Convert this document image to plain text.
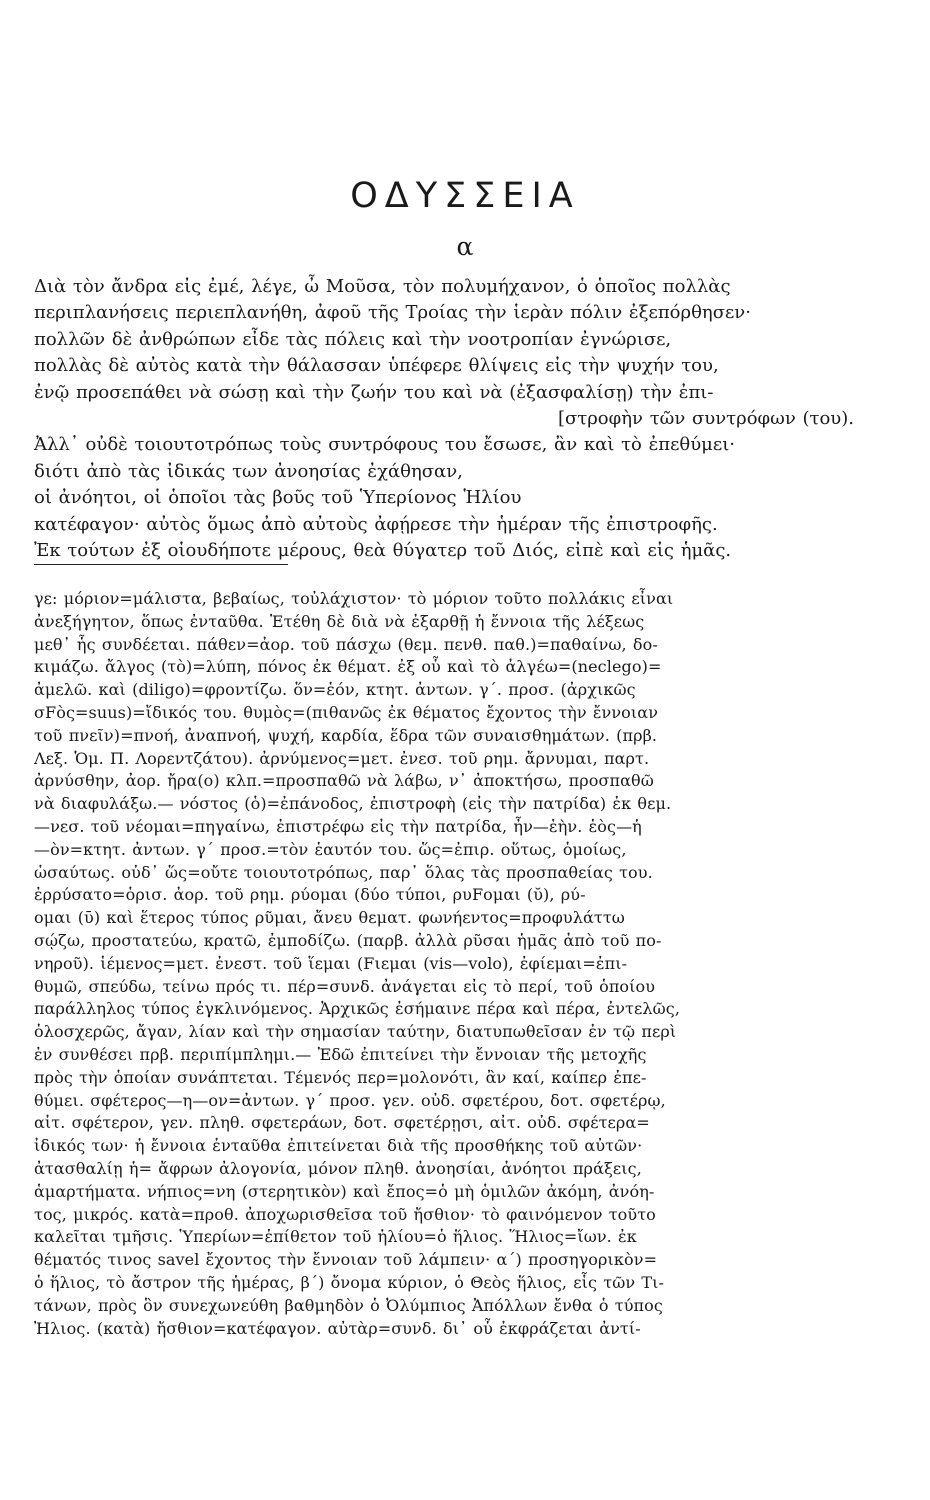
ΟΔΥΣΣΕΙΑ
α
Διὰ τὸν ἄνδρα εἰς ἐμέ, λέγε, ὦ Μοῦσα, τὸν πολυμήχανον, ὁ ὁποῖος πολλὰς
περιπλανήσεις περιεπλανήθη, ἀφοῦ τῆς Τροίας τὴν ἱερὰν πόλιν ἐξεπόρθησεν·
πολλῶν δὲ ἀνθρώπων εἶδε τὰς πόλεις καὶ τὴν νοοτροπίαν ἐγνώρισε,
πολλὰς δὲ αὐτὸς κατὰ τὴν θάλασσαν ὑπέφερε θλίψεις εἰς τὴν ψυχήν του,
ἐνῷ προσεπάθει νὰ σώσῃ καὶ τὴν ζωήν του καὶ νὰ (ἐξασφαλίσῃ) τὴν ἐπι-
[στροφὴν τῶν συντρόφων (του).
Ἀλλ᾽ οὐδὲ τοιουτοτρόπως τοὺς συντρόφους του ἔσωσε, ἂν καὶ τὸ ἐπεθύμει·
διότι ἀπὸ τὰς ἰδικάς των ἀνοησίας ἐχάθησαν,
οἱ ἀνόητοι, οἱ ὁποῖοι τὰς βοῦς τοῦ Ὑπερίονος Ἡλίου
κατέφαγον· αὐτὸς ὅμως ἀπὸ αὐτοὺς ἀφῄρεσε τὴν ἡμέραν τῆς ἐπιστροφῆς.
Ἐκ τούτων ἐξ οἱουδήποτε μέρους, θεὰ θύγατερ τοῦ Διός, εἰπὲ καὶ εἰς ἡμᾶς.
γε: μόριον=μάλιστα, βεβαίως, τοὐλάχιστον· τὸ μόριον τοῦτο πολλάκις εἶναι
ἀνεξήγητον, ὅπως ἐνταῦθα. Ἐτέθη δὲ διὰ νὰ ἐξαρθῇ ἡ ἔννοια τῆς λέξεως
μεθ᾽ ἧς συνδέεται. πάθεν=ἀορ. τοῦ πάσχω (θεμ. πενθ. παθ.)=παθαίνω, δο-
κιμάζω. ἄλγος (τὸ)=λύπη, πόνος ἐκ θέματ. ἐξ οὗ καὶ τὸ ἀλγέω=(neclego)=
ἀμελῶ. καὶ (diligo)=φροντίζω. ὅν=ἑόν, κτητ. ἀντων. γ΄. προσ. (ἀρχικῶς
σFὸς=suus)=ἴδικός του. θυμὸς=(πιθανῶς ἐκ θέματος ἔχοντος τὴν ἔννοιαν
τοῦ πνεῖν)=πνοή, ἀναπνοή, ψυχή, καρδία, ἕδρα τῶν συναισθημάτων. (πρβ.
Λεξ. Ὁμ. Π. Λορεντζάτου). ἀρνύμενος=μετ. ἐνεσ. τοῦ ρημ. ἄρνυμαι, παρτ.
ἀρνύσθην, ἀορ. ἤρα(ο) κλπ.=προσπαθῶ νὰ λάβω, ν᾽ ἀποκτήσω, προσπαθῶ
νὰ διαφυλάξω.— νόστος (ὁ)=ἐπάνοδος, ἐπιστροφὴ (εἰς τὴν πατρίδα) ἐκ θεμ.
—νεσ. τοῦ νέομαι=πηγαίνω, ἐπιστρέφω εἰς τὴν πατρίδα, ἦν—ἑὴν. ἑὸς—ἡ
—ὸν=κτητ. ἀντων. γ΄ προσ.=τὸν ἑαυτόν του. ὥς=ἐπιρ. οὕτως, ὁμοίως,
ὡσαύτως. οὐδ᾽ ὥς=οὔτε τοιουτοτρόπως, παρ᾽ ὅλας τὰς προσπαθείας του.
ἐρρύσατο=ὁρισ. ἀορ. τοῦ ρημ. ρύομαι (δύο τύποι, ρυFομαι (ῠ), ρύ-
ομαι (ῡ) καὶ ἕτερος τύπος ρῦμαι, ἄνευ θεματ. φωνήεντος=προφυλάττω
σῴζω, προστατεύω, κρατῶ, ἐμποδίζω. (παρβ. ἀλλὰ ρῦσαι ἡμᾶς ἀπὸ τοῦ πο-
νηροῦ). ἱέμενος=μετ. ἐνεστ. τοῦ ἵεμαι (Fιεμαι (vis—volo), ἐφίεμαι=ἐπι-
θυμῶ, σπεύδω, τείνω πρός τι. πέρ=συνδ. ἀνάγεται εἰς τὸ περί, τοῦ ὁποίου
παράλληλος τύπος ἐγκλινόμενος. Ἀρχικῶς ἐσήμαινε πέρα καὶ πέρα, ἐντελῶς,
ὁλοσχερῶς, ἄγαν, λίαν καὶ τὴν σημασίαν ταύτην, διατυπωθεῖσαν ἐν τῷ περὶ
ἐν συνθέσει πρβ. περιπίμπλημι.— Ἐδῶ ἐπιτείνει τὴν ἔννοιαν τῆς μετοχῆς
πρὸς τὴν ὁποίαν συνάπτεται. Τέμενός περ=μολονότι, ἂν καί, καίπερ ἐπε-
θύμει. σφέτερος—η—ον=ἀντων. γ΄ προσ. γεν. οὐδ. σφετέρου, δοτ. σφετέρῳ,
αἰτ. σφέτερον, γεν. πληθ. σφετεράων, δοτ. σφετέρῃσι, αἰτ. οὐδ. σφέτερα=
ἰδικός των· ἡ ἔννοια ἐνταῦθα ἐπιτείνεται διὰ τῆς προσθήκης τοῦ αὐτῶν·
ἀτασθαλίῃ ἡ= ἄφρων ἀλογονία, μόνον πληθ. ἀνοησίαι, ἀνόητοι πράξεις,
ἁμαρτήματα. νήπιος=νη (στερητικὸν) καὶ ἔπος=ὁ μὴ ὁμιλῶν ἀκόμη, ἀνόη-
τος, μικρός. κατὰ=προθ. ἀποχωρισθεῖσα τοῦ ἤσθιον· τὸ φαινόμενον τοῦτο
καλεῖται τμῆσις. Ὑπερίων=ἐπίθετον τοῦ ἡλίου=ὁ ἥλιος. Ἥλιος=ἴων. ἐκ
θέματός τινος savel ἔχοντος τὴν ἔννοιαν τοῦ λάμπειν· α΄) προσηγορικὸν=
ὁ ἥλιος, τὸ ἄστρον τῆς ἡμέρας, β΄) ὄνομα κύριον, ὁ Θεὸς ἥλιος, εἷς τῶν Τι-
τάνων, πρὸς ὃν συνεχωνεύθη βαθμηδὸν ὁ Ὀλύμπιος Ἀπόλλων ἔνθα ὁ τύπος
Ἠλιος. (κατὰ) ἤσθιον=κατέφαγον. αὐτὰρ=συνδ. δι᾽ οὗ ἐκφράζεται ἀντί-
